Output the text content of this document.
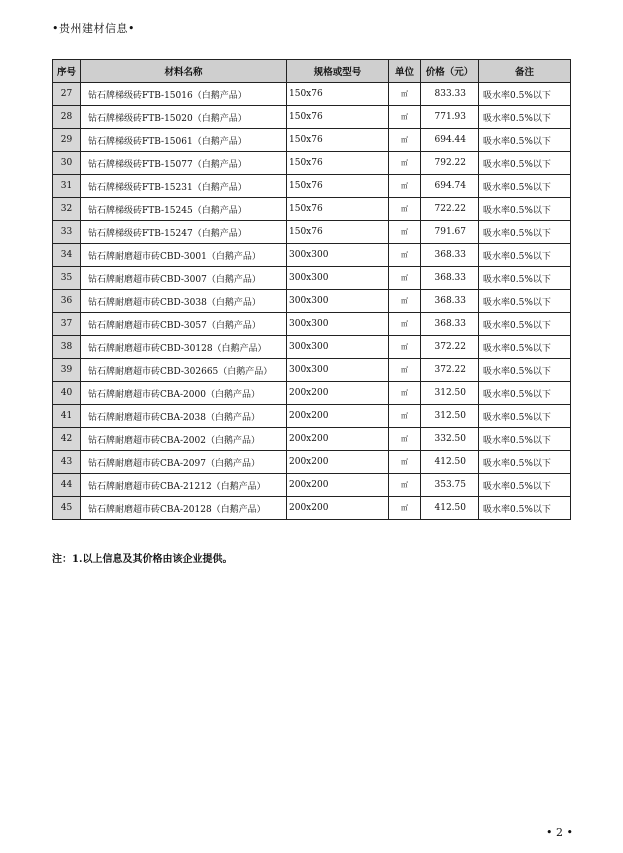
•贵州建材信息•
序号	材料名称	规格或型号	单位	价格（元）	备注
27	钻石牌梯级砖FTB-15016（白鹅产品）	150x76	㎡	833.33	吸水率0.5%以下
28	钻石牌梯级砖FTB-15020（白鹅产品）	150x76	㎡	771.93	吸水率0.5%以下
29	钻石牌梯级砖FTB-15061（白鹅产品）	150x76	㎡	694.44	吸水率0.5%以下
30	钻石牌梯级砖FTB-15077（白鹅产品）	150x76	㎡	792.22	吸水率0.5%以下
31	钻石牌梯级砖FTB-15231（白鹅产品）	150x76	㎡	694.74	吸水率0.5%以下
32	钻石牌梯级砖FTB-15245（白鹅产品）	150x76	㎡	722.22	吸水率0.5%以下
33	钻石牌梯级砖FTB-15247（白鹅产品）	150x76	㎡	791.67	吸水率0.5%以下
34	钻石牌耐磨超市砖CBD-3001（白鹅产品）	300x300	㎡	368.33	吸水率0.5%以下
35	钻石牌耐磨超市砖CBD-3007（白鹅产品）	300x300	㎡	368.33	吸水率0.5%以下
36	钻石牌耐磨超市砖CBD-3038（白鹅产品）	300x300	㎡	368.33	吸水率0.5%以下
37	钻石牌耐磨超市砖CBD-3057（白鹅产品）	300x300	㎡	368.33	吸水率0.5%以下
38	钻石牌耐磨超市砖CBD-30128（白鹅产品）	300x300	㎡	372.22	吸水率0.5%以下
39	钻石牌耐磨超市砖CBD-302665（白鹅产品）	300x300	㎡	372.22	吸水率0.5%以下
40	钻石牌耐磨超市砖CBA-2000（白鹅产品）	200x200	㎡	312.50	吸水率0.5%以下
41	钻石牌耐磨超市砖CBA-2038（白鹅产品）	200x200	㎡	312.50	吸水率0.5%以下
42	钻石牌耐磨超市砖CBA-2002（白鹅产品）	200x200	㎡	332.50	吸水率0.5%以下
43	钻石牌耐磨超市砖CBA-2097（白鹅产品）	200x200	㎡	412.50	吸水率0.5%以下
44	钻石牌耐磨超市砖CBA-21212（白鹅产品）	200x200	㎡	353.75	吸水率0.5%以下
45	钻石牌耐磨超市砖CBA-20128（白鹅产品）	200x200	㎡	412.50	吸水率0.5%以下
注：1.以上信息及其价格由该企业提供。
• 2 •
